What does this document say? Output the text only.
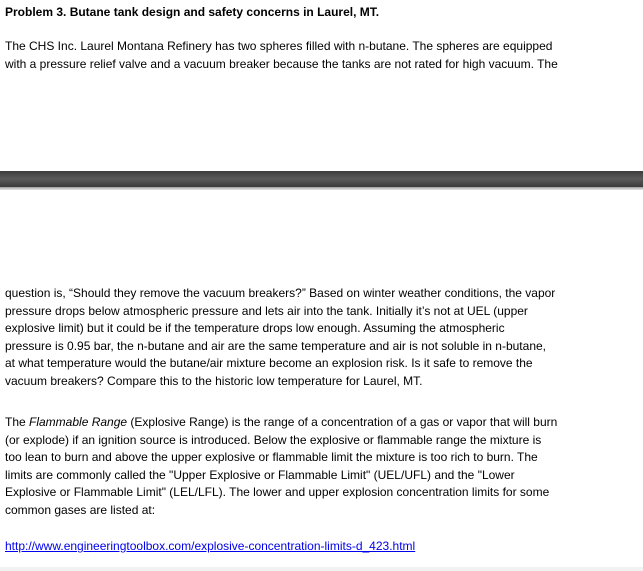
Problem 3. Butane tank design and safety concerns in Laurel, MT.
The CHS Inc. Laurel Montana Refinery has two spheres filled with n-butane. The spheres are equipped
with a pressure relief valve and a vacuum breaker because the tanks are not rated for high vacuum. The
question is, “Should they remove the vacuum breakers?” Based on winter weather conditions, the vapor
pressure drops below atmospheric pressure and lets air into the tank. Initially it’s not at UEL (upper
explosive limit) but it could be if the temperature drops low enough. Assuming the atmospheric
pressure is 0.95 bar, the n-butane and air are the same temperature and air is not soluble in n-butane,
at what temperature would the butane/air mixture become an explosion risk. Is it safe to remove the
vacuum breakers? Compare this to the historic low temperature for Laurel, MT.
The Flammable Range (Explosive Range) is the range of a concentration of a gas or vapor that will burn
(or explode) if an ignition source is introduced. Below the explosive or flammable range the mixture is
too lean to burn and above the upper explosive or flammable limit the mixture is too rich to burn. The
limits are commonly called the "Upper Explosive or Flammable Limit" (UEL/UFL) and the "Lower
Explosive or Flammable Limit" (LEL/LFL). The lower and upper explosion concentration limits for some
common gases are listed at:
http://www.engineeringtoolbox.com/explosive-concentration-limits-d_423.html
